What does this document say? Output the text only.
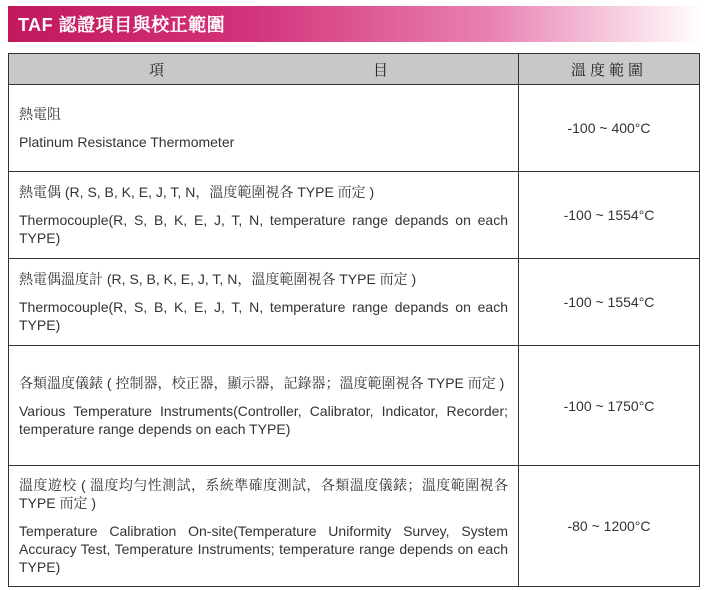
TAF 認證項目與校正範圍
項 目	溫度範圍

熱電阻

Platinum Resistance Thermometer	-100 ~ 400°C

熱電偶 (R, S, B, K, E, J, T, N，溫度範圍視各 TYPE 而定 )

Thermocouple(R, S, B, K, E, J, T, N, temperature range depands on each TYPE)	-100 ~ 1554°C

熱電偶溫度計 (R, S, B, K, E, J, T, N，溫度範圍視各 TYPE 而定 )

Thermocouple(R, S, B, K, E, J, T, N, temperature range depands on each TYPE)	-100 ~ 1554°C

各類溫度儀錶 ( 控制器，校正器，顯示器，記錄器；溫度範圍視各 TYPE 而定 )

Various Temperature Instruments(Controller, Calibrator, Indicator, Recorder; temperature range depends on each TYPE)	-100 ~ 1750°C

溫度遊校 ( 溫度均勻性測試，系統準確度測試，各類溫度儀錶；溫度範圍視各 TYPE 而定 )

Temperature Calibration On-site(Temperature Uniformity Survey, System Accuracy Test, Temperature Instruments; temperature range depends on each TYPE)	-80 ~ 1200°C
